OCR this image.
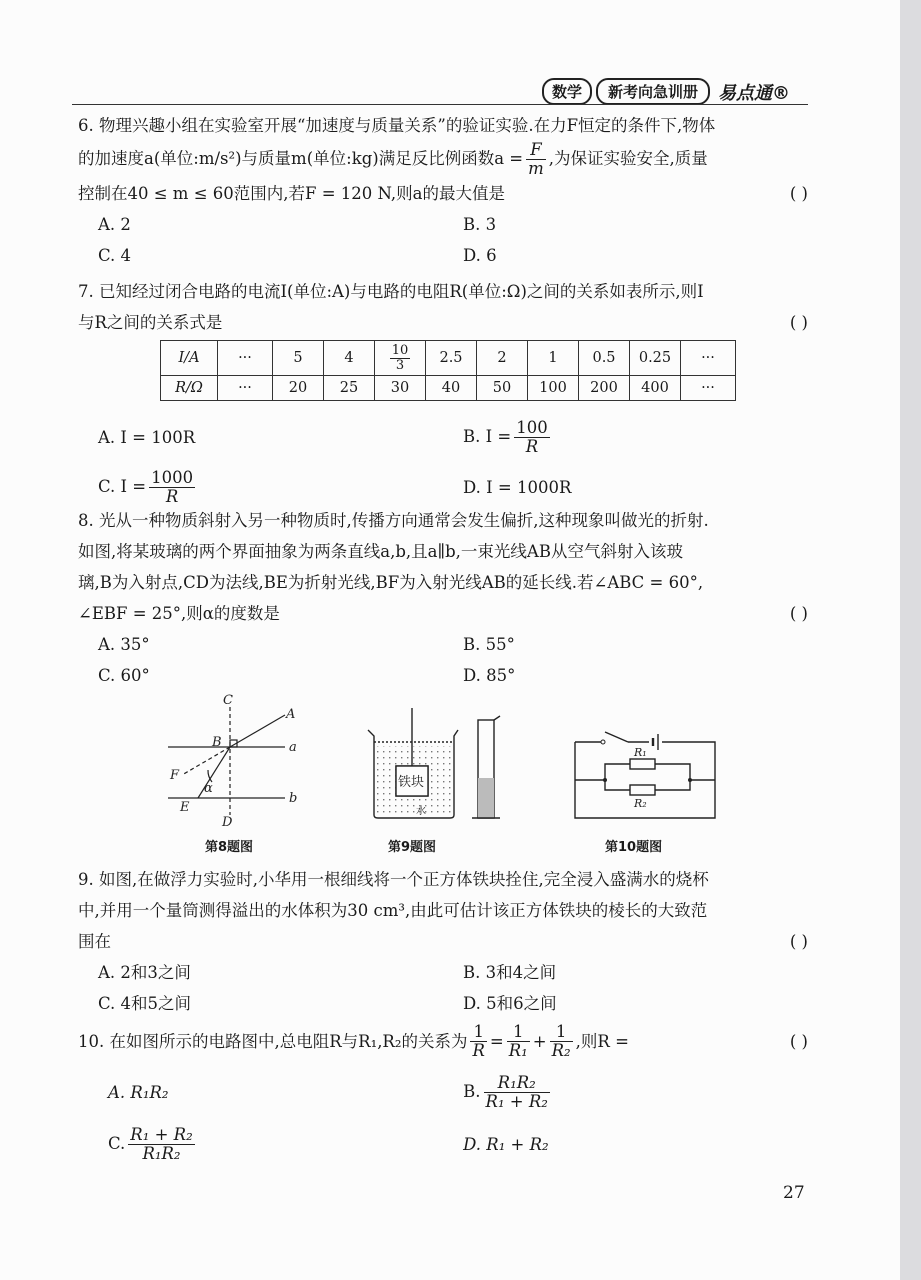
数学	新考向急训册	易点通®
6. 物理兴趣小组在实验室开展“加速度与质量关系”的验证实验.在力F恒定的条件下,物体
的加速度a(单位:m/s²)与质量m(单位:kg)满足反比例函数$a = \frac{F}{m}$ ,为保证实验安全,质量
控制在40 ≤ m ≤ 60范围内,若F = 120 N,则a的最大值是	( )
A. 2	B. 3
C. 4	D. 6
7. 已知经过闭合电路的电流I(单位:A)与电路的电阻R(单位:Ω)之间的关系如表所示,则I
与R之间的关系式是	( )
I/A	···	5	4	$\frac{10}{3}$	2.5	2	1	0.5	0.25	···
R/Ω	···	20	25	30	40	50	100	200	400	···
A. I = 100R	B. $I = \frac{100}{R}$
C. $I = \frac{1000}{R}$	D. I = 1000R
8. 光从一种物质斜射入另一种物质时,传播方向通常会发生偏折,这种现象叫做光的折射.
如图,将某玻璃的两个界面抽象为两条直线a,b,且a∥b,一束光线AB从空气斜射入该玻
璃,B为入射点,CD为法线,BE为折射光线,BF为入射光线AB的延长线.若∠ABC = 60°,
∠EBF = 25°,则α的度数是	( )
A. 35°	B. 55°
C. 60°	D. 85°
C
A
B	a
F
α
E
b
D
铁块
水
R₁
R₂
第8题图	第9题图	第10题图
9. 如图,在做浮力实验时,小华用一根细线将一个正方体铁块拴住,完全浸入盛满水的烧杯
中,并用一个量筒测得溢出的水体积为30 cm³,由此可估计该正方体铁块的棱长的大致范
围在	( )
A. 2和3之间	B. 3和4之间
C. 4和5之间	D. 5和6之间
10. 在如图所示的电路图中,总电阻R与R₁,R₂的关系为 $\frac{1}{R} = \frac{1}{\text{R₁}} + \frac{1}{\text{R₂}}$ ,则R =	( )
A. R₁R₂	B. $\frac{\text{R₁R₂}}{\text{R₁ + R₂}}$
C. $\frac{\text{R₁ + R₂}}{\text{R₁R₂}}$	D. R₁ + R₂
27
